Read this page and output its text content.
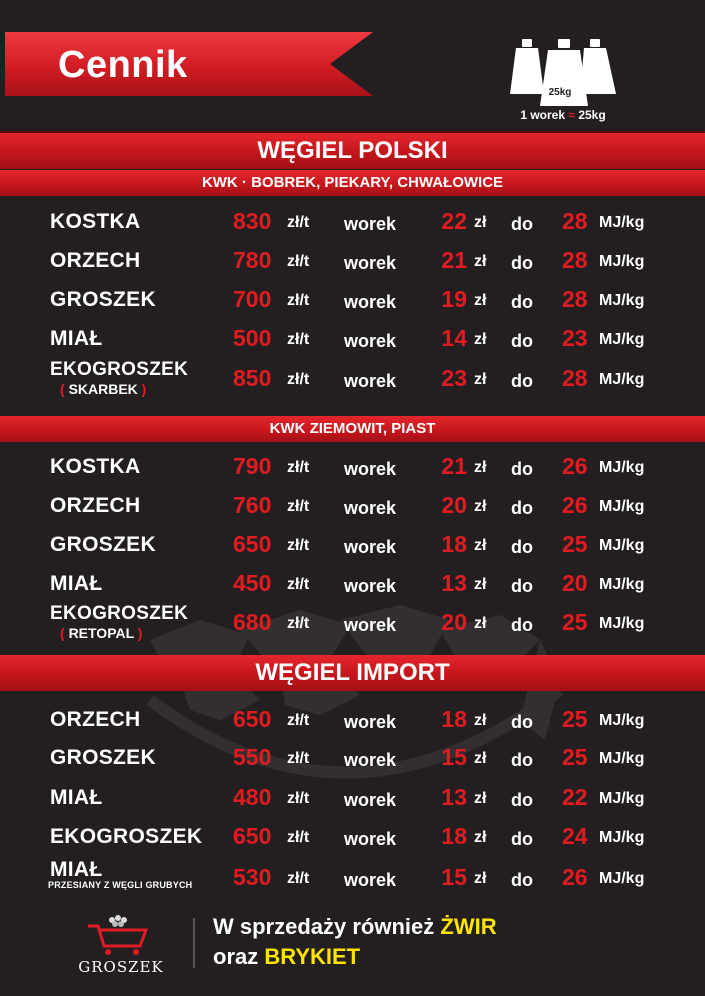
Cennik
25kg
1 worek ≈ 25kg
WĘGIEL POLSKI
KWK · BOBREK, PIEKARY, CHWAŁOWICE
KOSTKA	830 zł/t worek 22 zł do 28 MJ/kg
ORZECH	780 zł/t worek 21 zł do 28 MJ/kg
GROSZEK	700 zł/t worek 19 zł do 28 MJ/kg
MIAŁ	500 zł/t worek 14 zł do 23 MJ/kg
EKOGROSZEK
( SKARBEK )	850 zł/t worek 23 zł do 28 MJ/kg
KWK ZIEMOWIT, PIAST
KOSTKA	790 zł/t worek 21 zł do 26 MJ/kg
ORZECH	760 zł/t worek 20 zł do 26 MJ/kg
GROSZEK	650 zł/t worek 18 zł do 25 MJ/kg
MIAŁ	450 zł/t worek 13 zł do 20 MJ/kg
EKOGROSZEK
( RETOPAL )	680 zł/t worek 20 zł do 25 MJ/kg
WĘGIEL IMPORT
ORZECH	650 zł/t worek 18 zł do 25 MJ/kg
GROSZEK	550 zł/t worek 15 zł do 25 MJ/kg
MIAŁ	480 zł/t worek 13 zł do 22 MJ/kg
EKOGROSZEK 650 zł/t worek 18 zł do 24 MJ/kg
MIAŁ
PRZESIANY Z WĘGLI GRUBYCH 530 zł/t worek 15 zł do 26 MJ/kg
GROSZEK
W sprzedaży również ŻWIR
oraz BRYKIET
